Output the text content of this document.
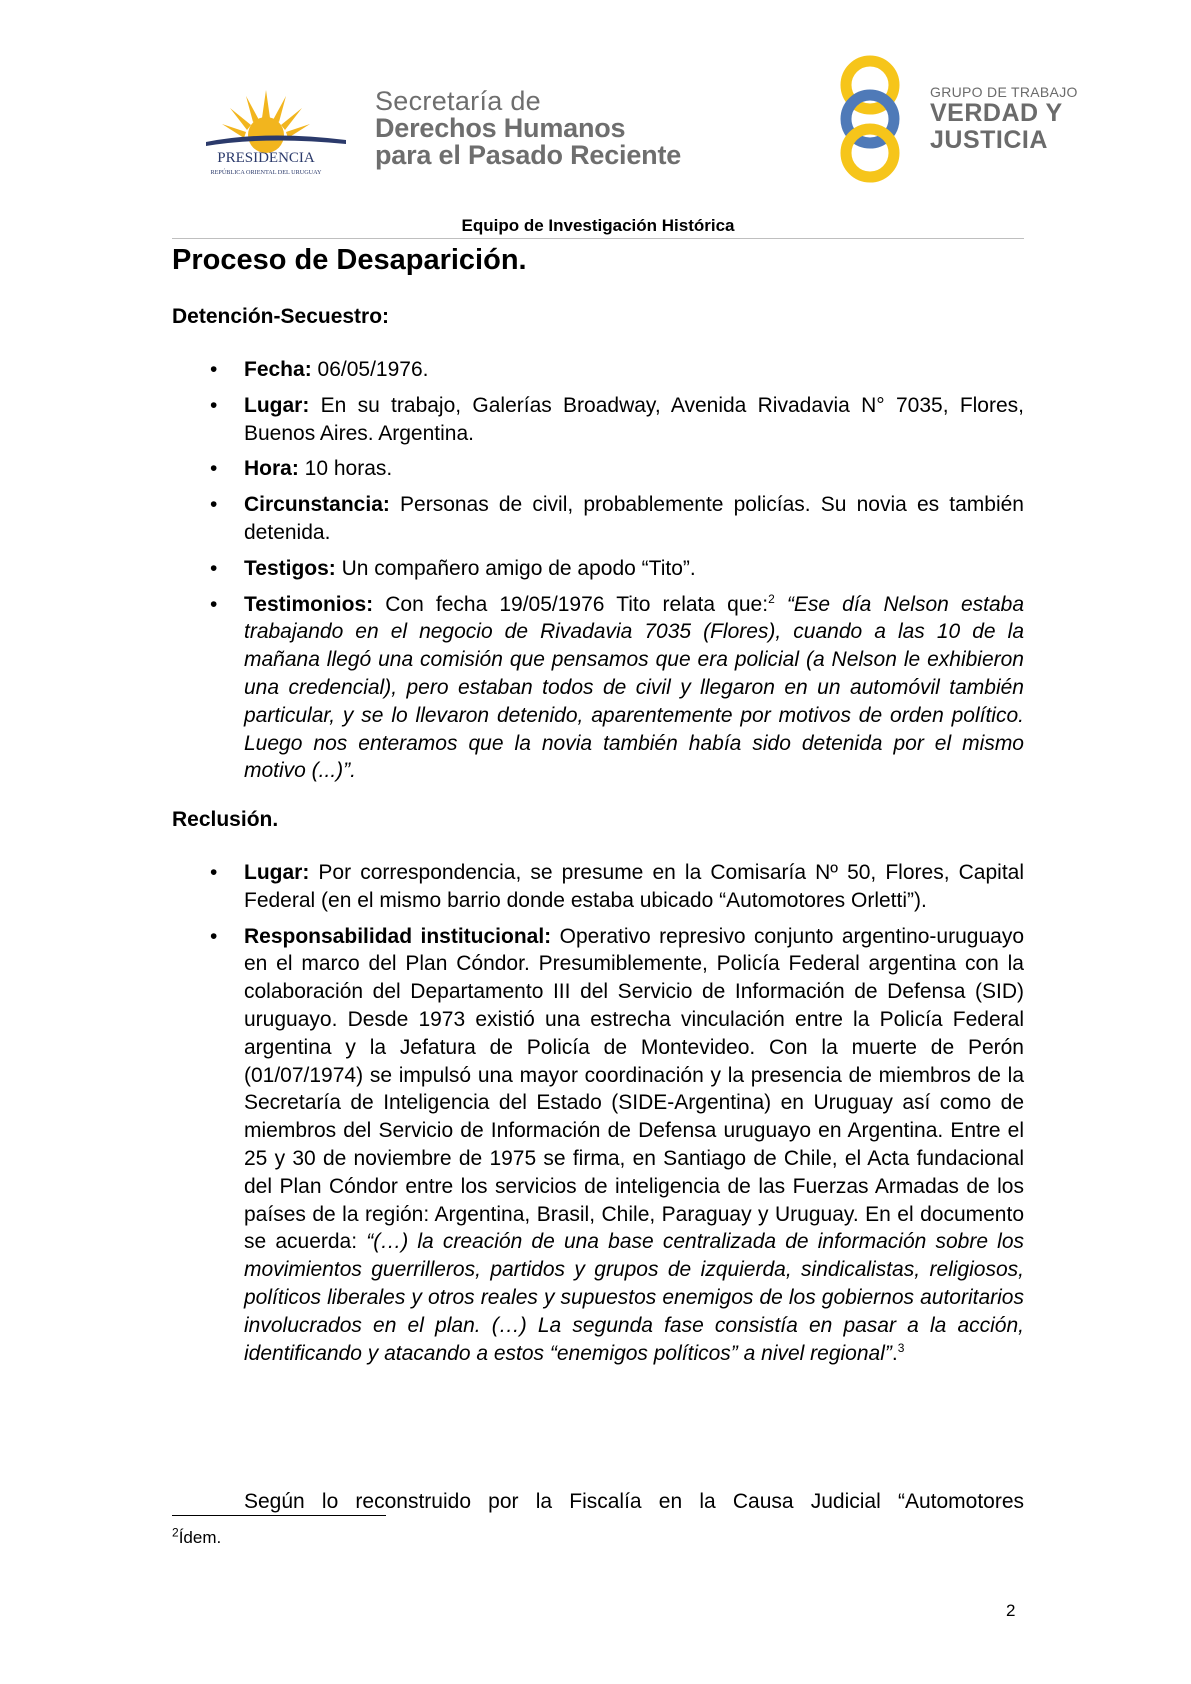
PRESIDENCIA
REPÚBLICA ORIENTAL DEL URUGUAY
Secretaría de
Derechos Humanos
para el Pasado Reciente
GRUPO DE TRABAJO
VERDAD Y
JUSTICIA
Equipo de Investigación Histórica
Proceso de Desaparición.
Detención-Secuestro:
• Fecha: 06/05/1976.
• Lugar: En su trabajo, Galerías Broadway, Avenida Rivadavia N° 7035, Flores, Buenos Aires. Argentina.
• Hora: 10 horas.
• Circunstancia: Personas de civil, probablemente policías. Su novia es también detenida.
• Testigos: Un compañero amigo de apodo “Tito”.
• Testimonios: Con fecha 19/05/1976 Tito relata que:$^2$ “Ese día Nelson estaba trabajando en el negocio de Rivadavia 7035 (Flores), cuando a las 10 de la mañana llegó una comisión que pensamos que era policial (a Nelson le exhibieron una credencial), pero estaban todos de civil y llegaron en un automóvil también particular, y se lo llevaron detenido, aparentemente por motivos de orden político. Luego nos enteramos que la novia también había sido detenida por el mismo motivo (...)”.
Reclusión.
• Lugar: Por correspondencia, se presume en la Comisaría Nº 50, Flores, Capital Federal (en el mismo barrio donde estaba ubicado “Automotores Orletti”).
• Responsabilidad institucional: Operativo represivo conjunto argentino-uruguayo en el marco del Plan Cóndor. Presumiblemente, Policía Federal argentina con la colaboración del Departamento III del Servicio de Información de Defensa (SID) uruguayo. Desde 1973 existió una estrecha vinculación entre la Policía Federal argentina y la Jefatura de Policía de Montevideo. Con la muerte de Perón (01/07/1974) se impulsó una mayor coordinación y la presencia de miembros de la Secretaría de Inteligencia del Estado (SIDE-Argentina) en Uruguay así como de miembros del Servicio de Información de Defensa uruguayo en Argentina. Entre el 25 y 30 de noviembre de 1975 se firma, en Santiago de Chile, el Acta fundacional del Plan Cóndor entre los servicios de inteligencia de las Fuerzas Armadas de los países de la región: Argentina, Brasil, Chile, Paraguay y Uruguay. En el documento se acuerda: “(…) la creación de una base centralizada de información sobre los movimientos guerrilleros, partidos y grupos de izquierda, sindicalistas, religiosos, políticos liberales y otros reales y supuestos enemigos de los gobiernos autoritarios involucrados en el plan. (…) La segunda fase consistía en pasar a la acción, identificando y atacando a estos “enemigos políticos” a nivel regional”.$^3$
Según lo reconstruido por la Fiscalía en la Causa Judicial “Automotores
$^2$Ídem.
2
